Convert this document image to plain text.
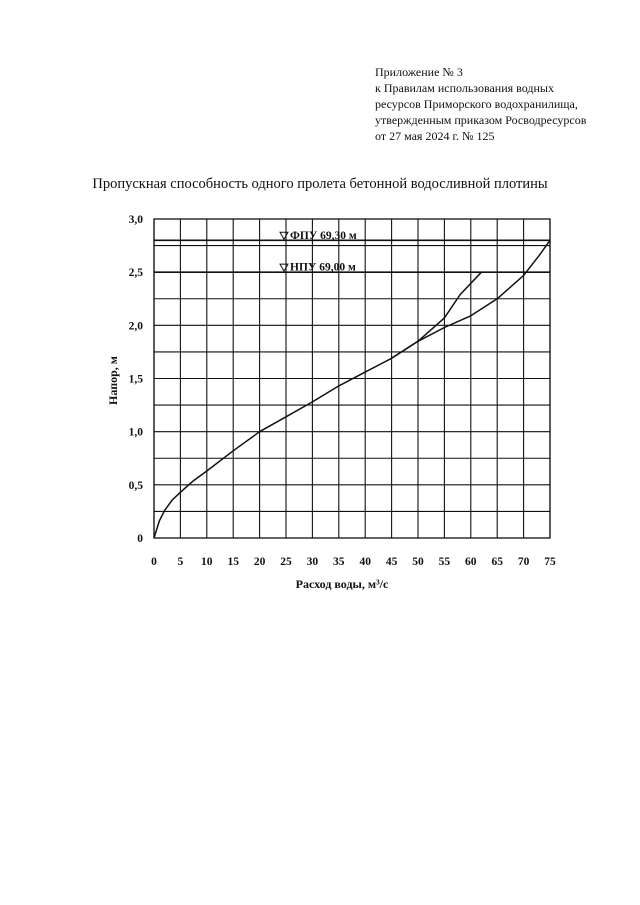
Приложение № 3
к Правилам использования водных
ресурсов Приморского водохранилища,
утвержденным приказом Росводресурсов
от 27 мая 2024 г. № 125
Пропускная способность одного пролета бетонной водосливной плотины
0 5 10 15 20 25 30 35 40 45 50 55 60 65 70 75
0
0,5
1,0
1,5
2,0
2,5
3,0
ФПУ 69,30 м
НПУ 69,00 м
Расход воды, м³/с
Напор, м
